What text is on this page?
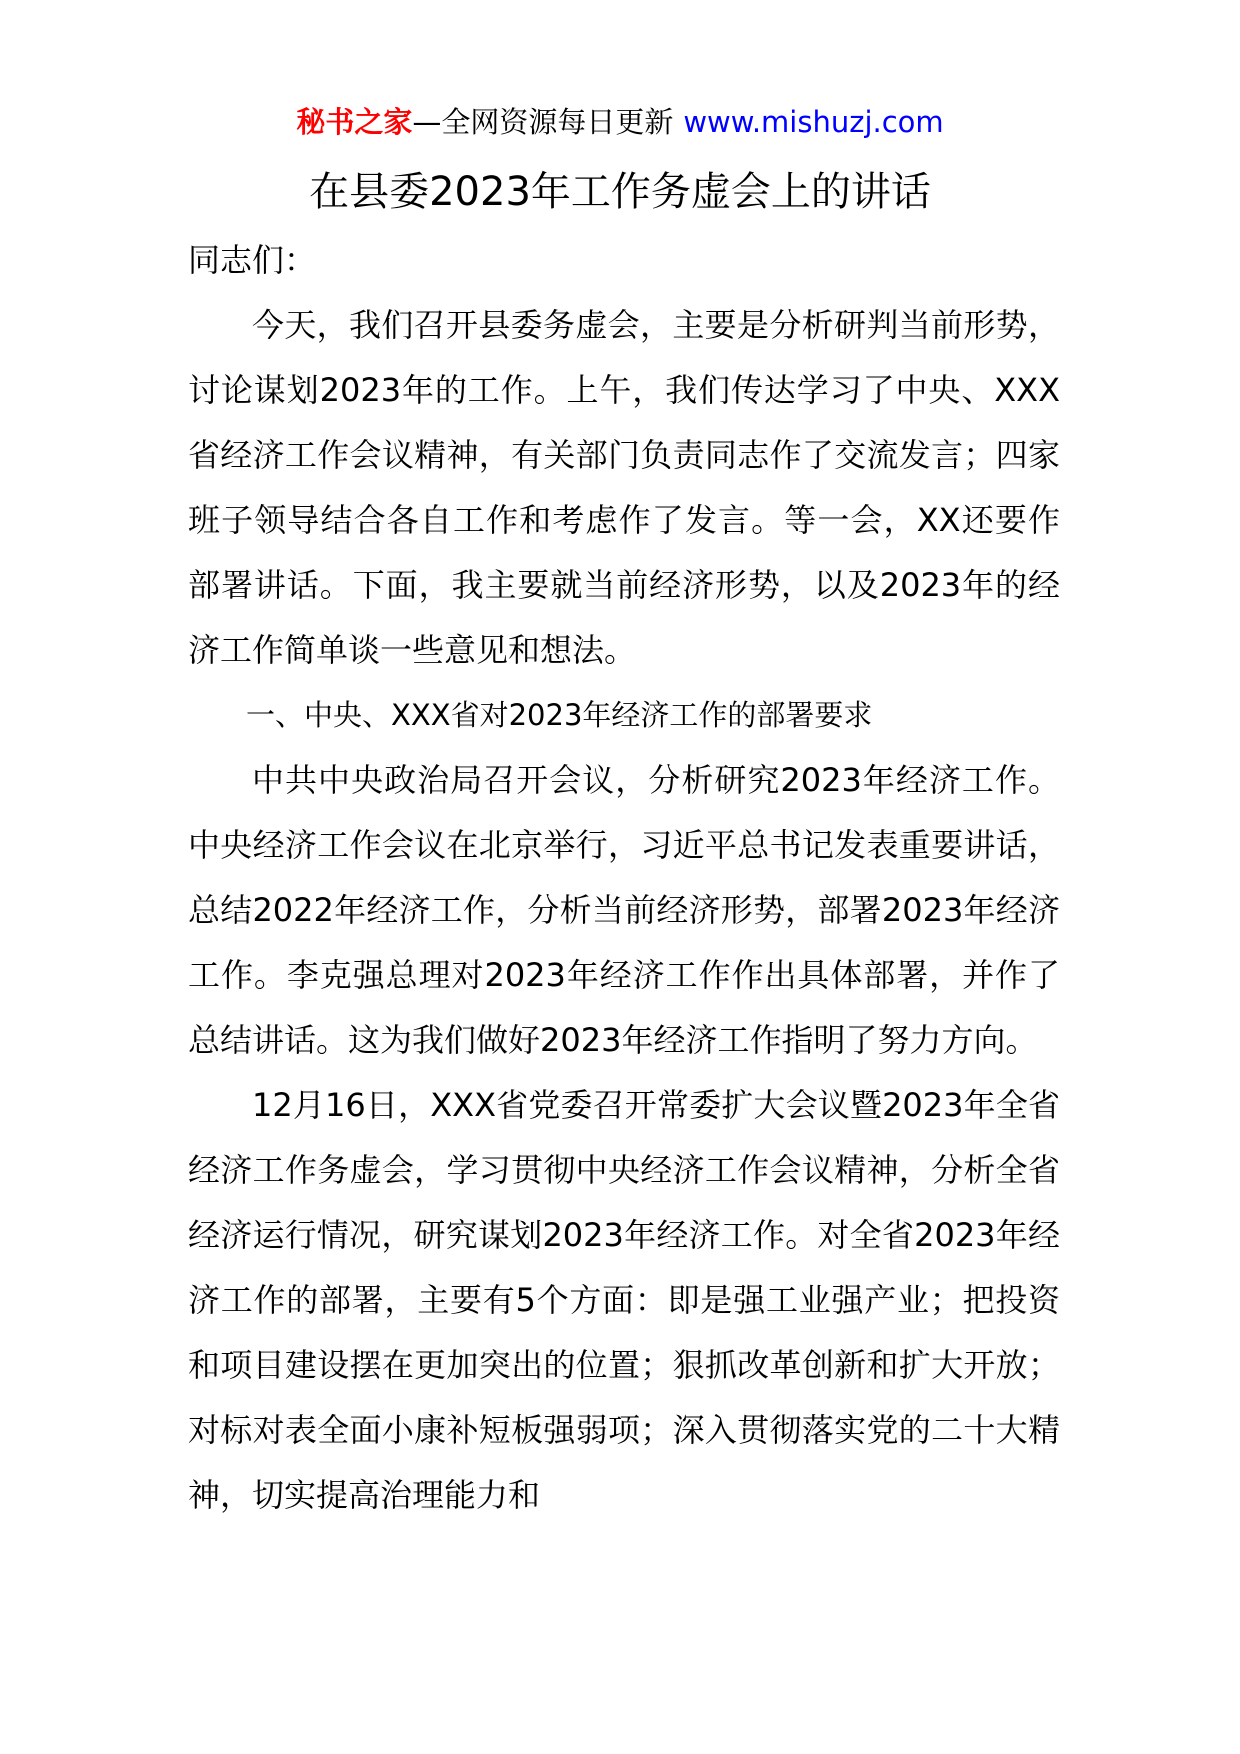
秘书之家—全网资源每日更新 www.mishuzj.com
在县委2023年工作务虚会上的讲话

同志们：

今天，我们召开县委务虚会，主要是分析研判当前形势，讨论谋划2023年的工作。上午，我们传达学习了中央、XXX省经济工作会议精神，有关部门负责同志作了交流发言；四家班子领导结合各自工作和考虑作了发言。等一会，XX还要作部署讲话。下面，我主要就当前经济形势，以及2023年的经济工作简单谈一些意见和想法。

一、中央、XXX省对2023年经济工作的部署要求

中共中央政治局召开会议，分析研究2023年经济工作。中央经济工作会议在北京举行，习近平总书记发表重要讲话，总结2022年经济工作，分析当前经济形势，部署2023年经济工作。李克强总理对2023年经济工作作出具体部署，并作了总结讲话。这为我们做好2023年经济工作指明了努力方向。

12月16日，XXX省党委召开常委扩大会议暨2023年全省经济工作务虚会，学习贯彻中央经济工作会议精神，分析全省经济运行情况，研究谋划2023年经济工作。对全省2023年经济工作的部署，主要有5个方面：即是强工业强产业；把投资和项目建设摆在更加突出的位置；狠抓改革创新和扩大开放；对标对表全面小康补短板强弱项；深入贯彻落实党的二十大精神，切实提高治理能力和
